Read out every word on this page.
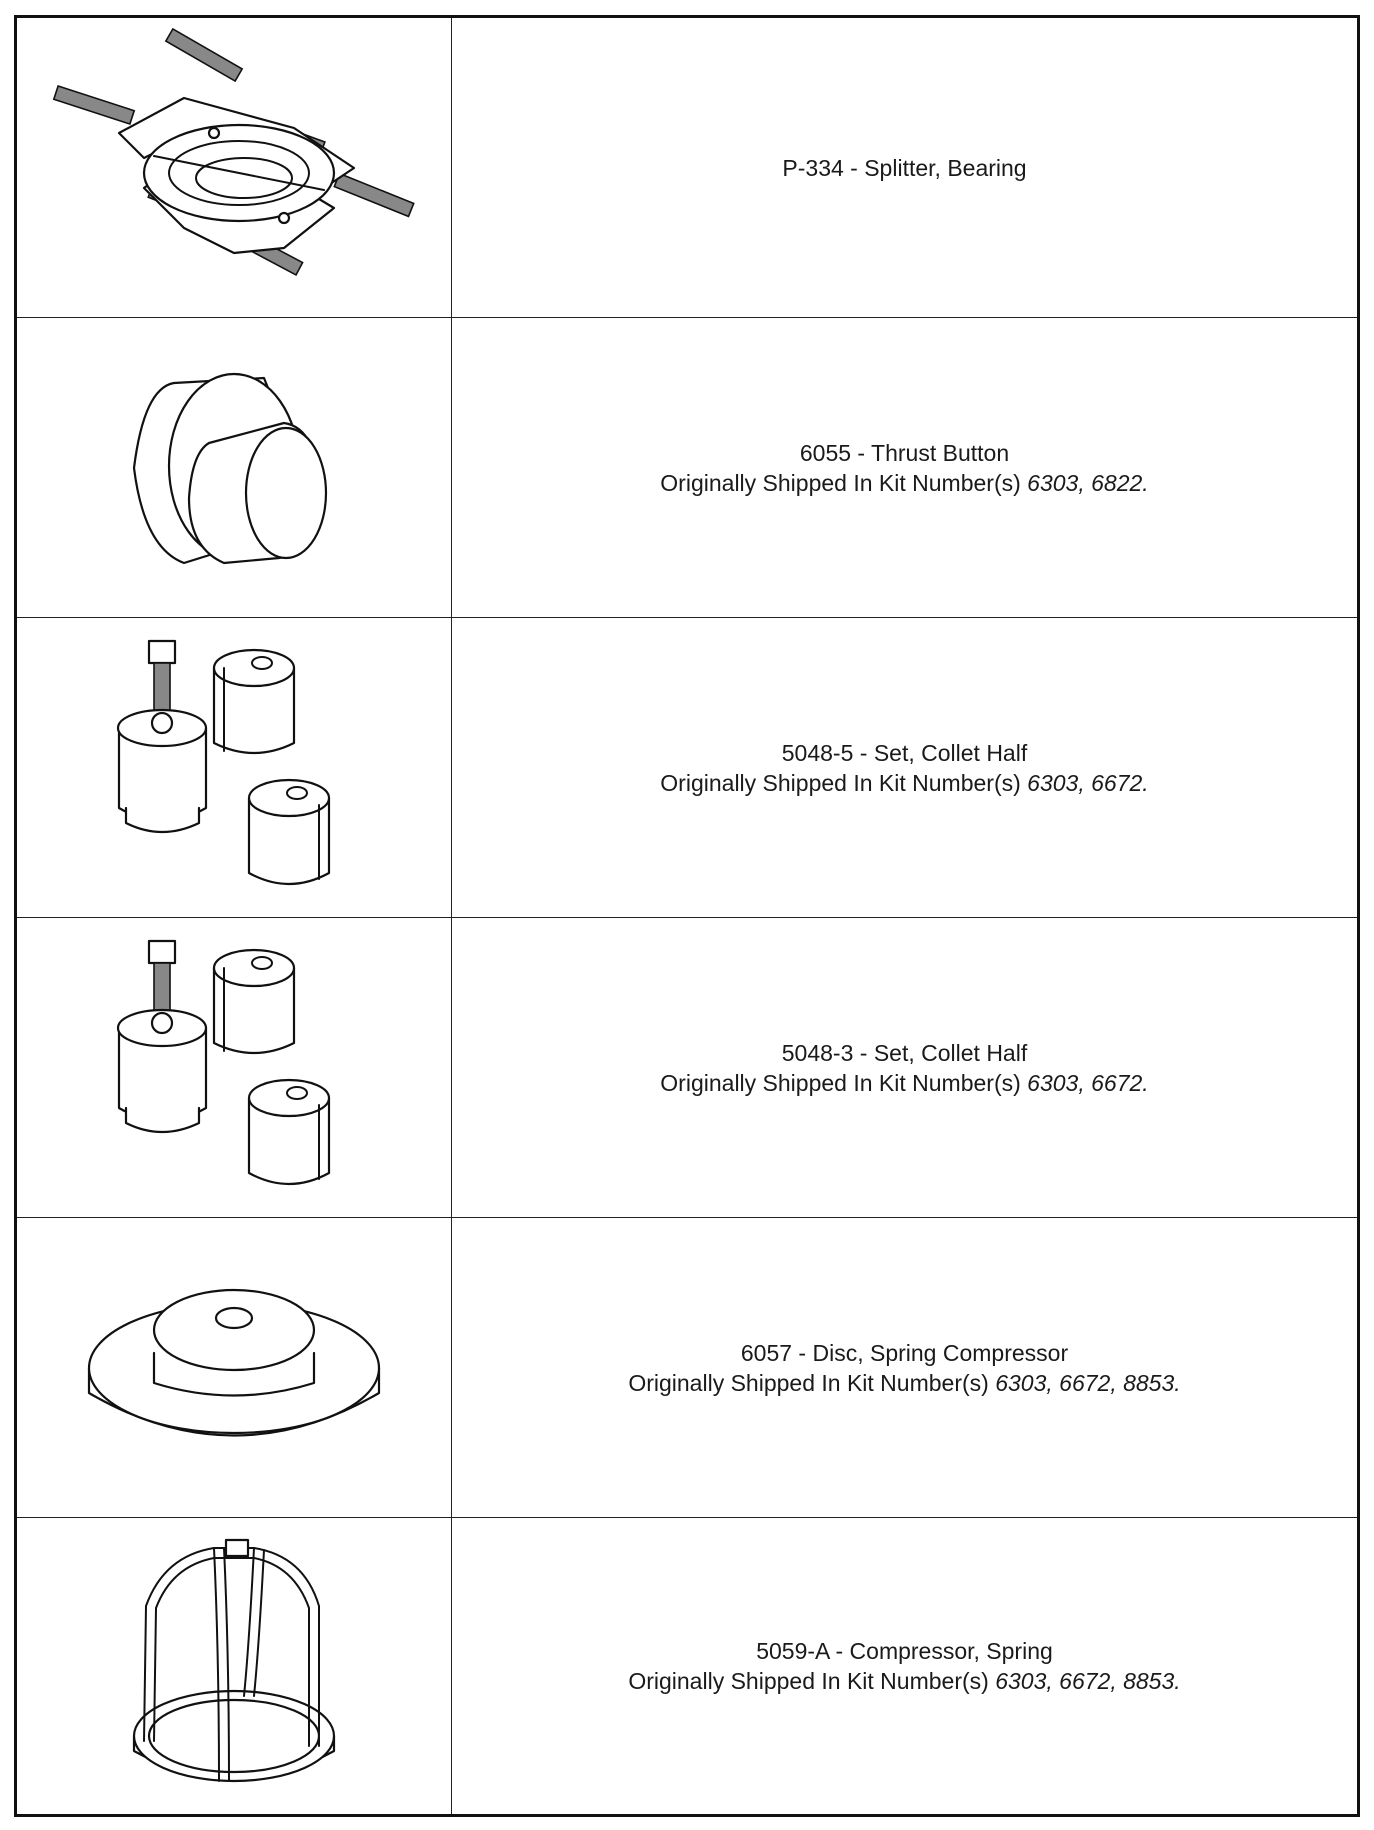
P-334 - Splitter, Bearing
6055 - Thrust Button
Originally Shipped In Kit Number(s) 6303, 6822.
5048-5 - Set, Collet Half
Originally Shipped In Kit Number(s) 6303, 6672.
5048-3 - Set, Collet Half
Originally Shipped In Kit Number(s) 6303, 6672.
6057 - Disc, Spring Compressor
Originally Shipped In Kit Number(s) 6303, 6672, 8853.
5059-A - Compressor, Spring
Originally Shipped In Kit Number(s) 6303, 6672, 8853.
